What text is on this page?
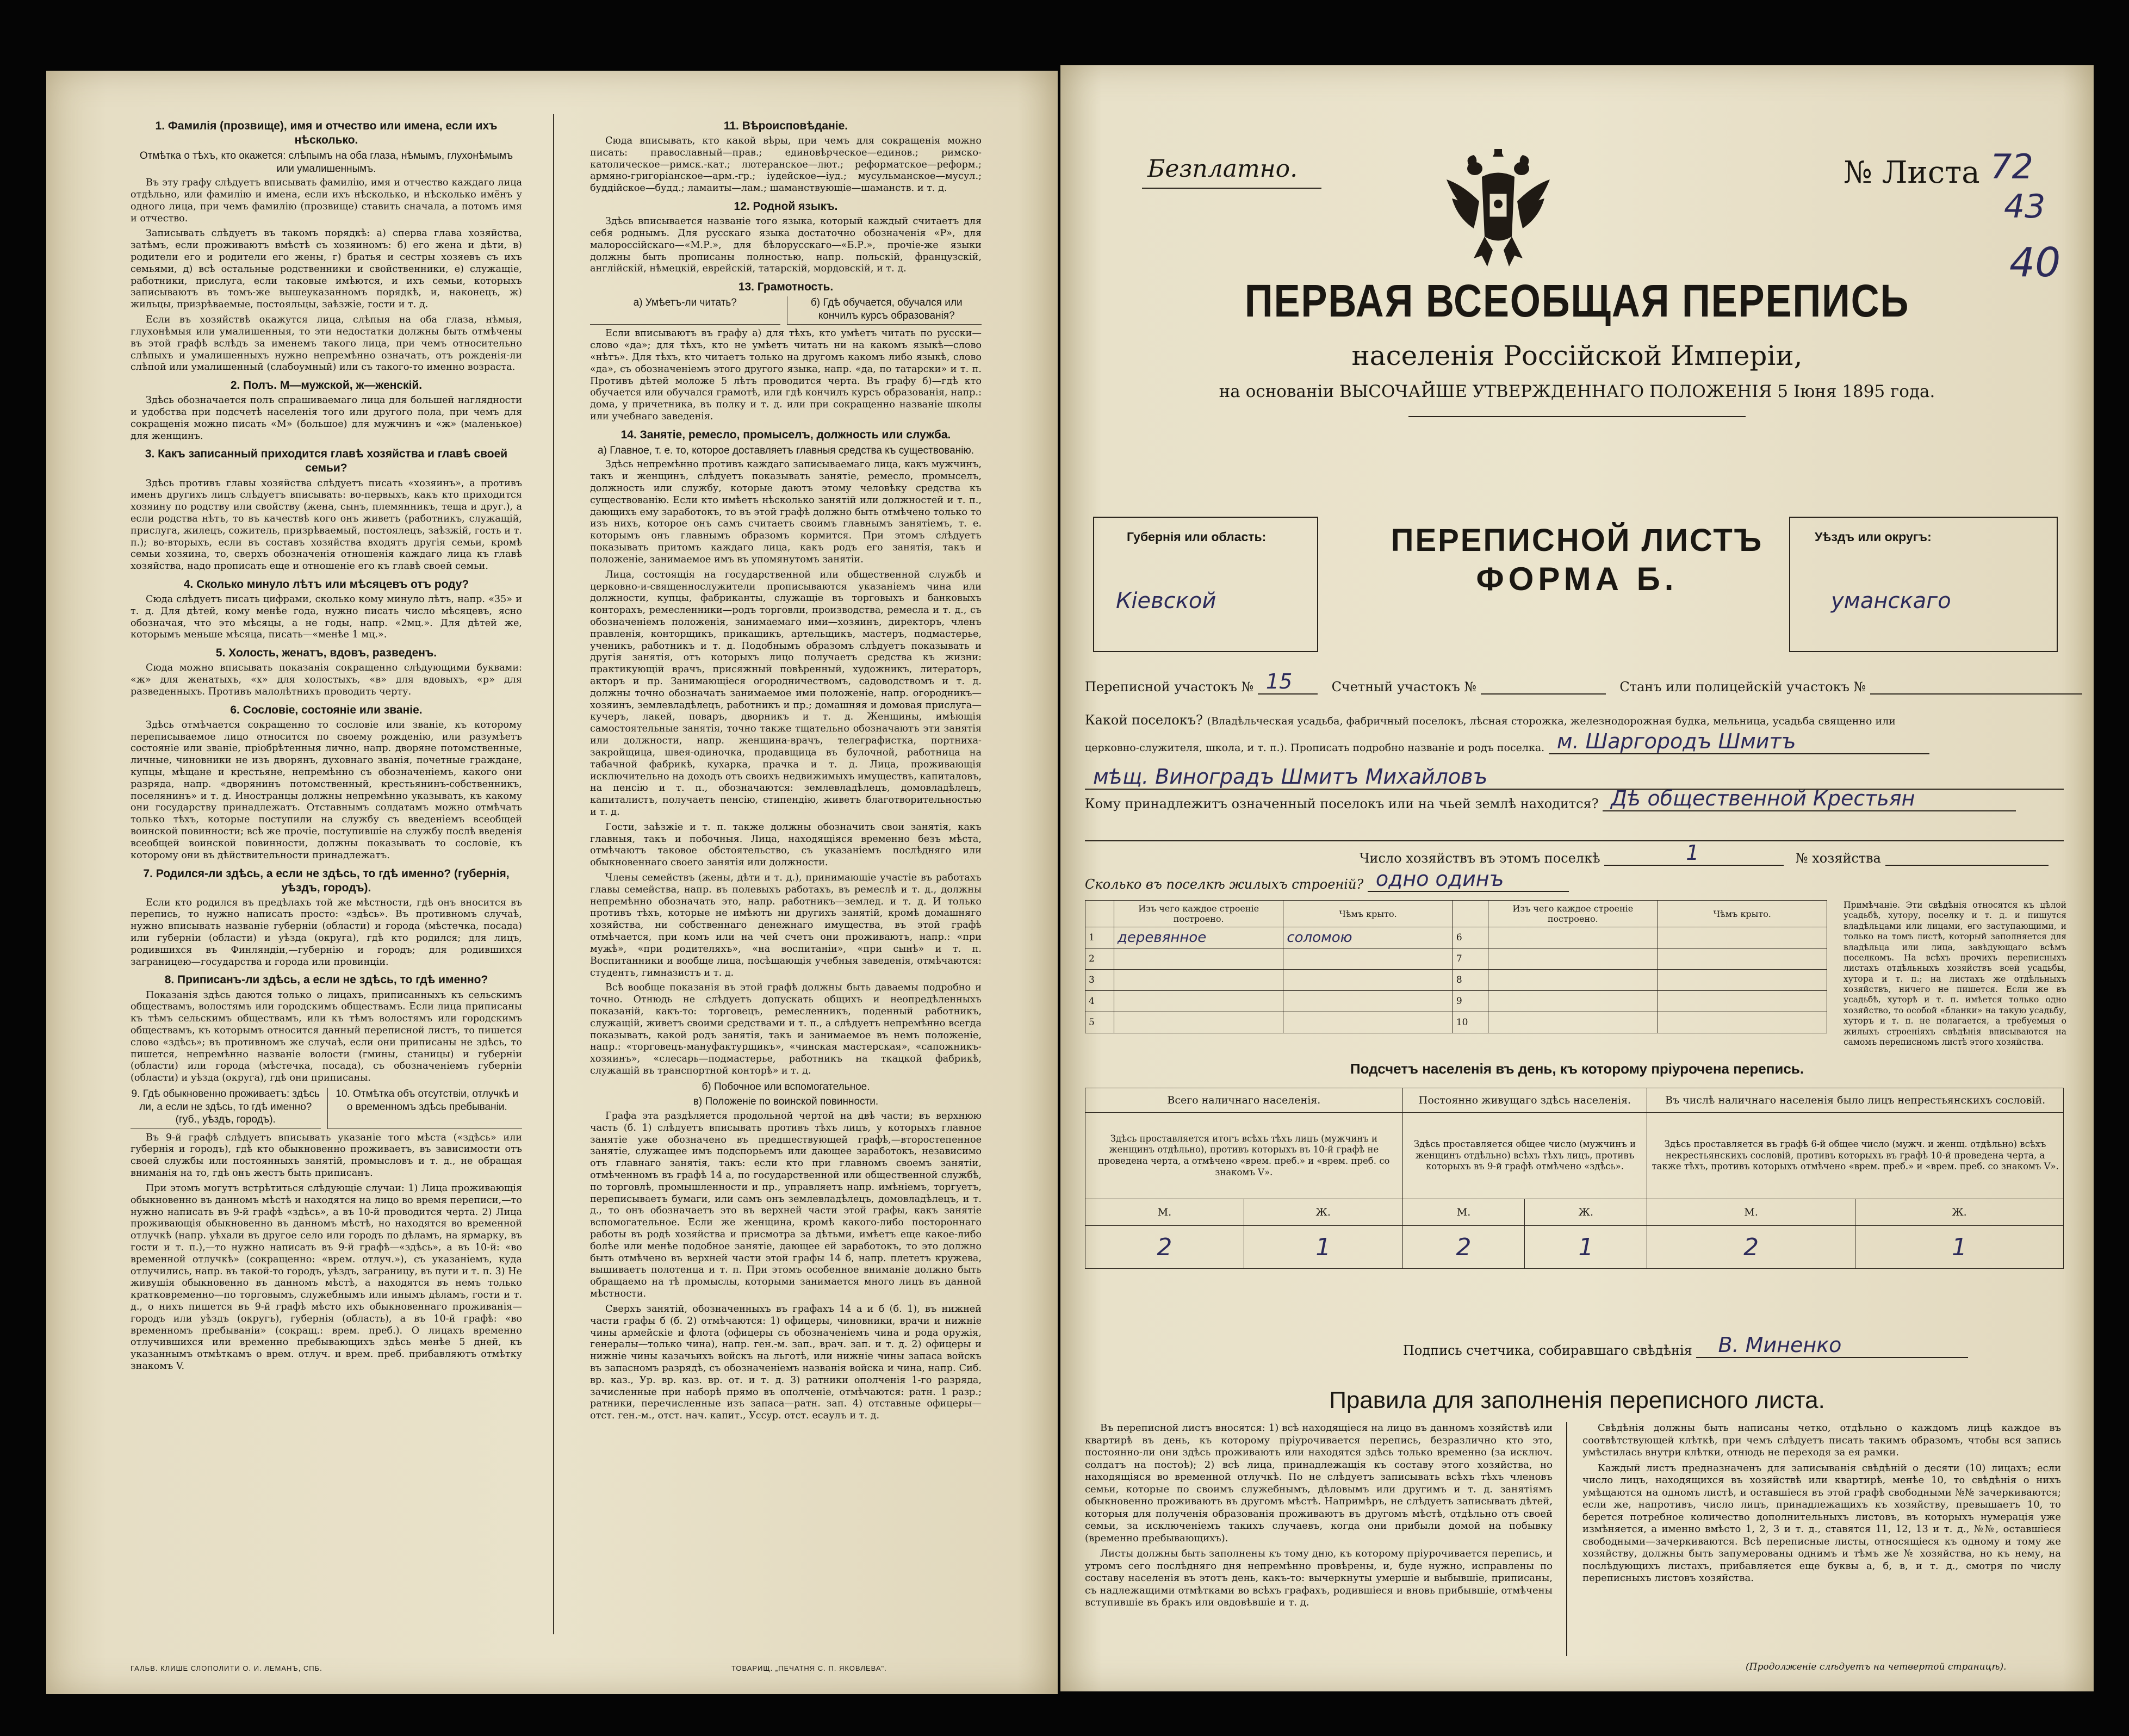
1. Фамилія (прозвище), имя и отчество или имена, если ихъ нѣсколько.
Отмѣтка о тѣхъ, кто окажется: слѣпымъ на оба глаза, нѣмымъ, глухонѣмымъ или умалишеннымъ.
Въ эту графу слѣдуетъ вписывать фамилію, имя и отчество каждаго лица отдѣльно, или фамилію и имена, если ихъ нѣсколько, и нѣсколько имёнъ у одного лица, при чемъ фамилію (прозвище) ставить сначала, а потомъ имя и отчество.
Записывать слѣдуетъ въ такомъ порядкѣ: а) сперва глава хозяйства, затѣмъ, если проживаютъ вмѣстѣ съ хозяиномъ: б) его жена и дѣти, в) родители его и родители его жены, г) братья и сестры хозяевъ съ ихъ семьями, д) всѣ остальные родственники и свойственники, е) служащіе, работники, прислуга, если таковые имѣются, и ихъ семьи, которыхъ записываютъ въ томъ-же вышеуказанномъ порядкѣ, и, наконецъ, ж) жильцы, призрѣваемые, постояльцы, заѣзжіе, гости и т. д.
Если въ хозяйствѣ окажутся лица, слѣпыя на оба глаза, нѣмыя, глухонѣмыя или умалишенныя, то эти недостатки должны быть отмѣчены въ этой графѣ вслѣдъ за именемъ такого лица, при чемъ относительно слѣпыхъ и умалишенныхъ нужно непремѣнно означать, отъ рожденія-ли слѣпой или умалишенный (слабоумный) или съ такого-то именно возраста.
2. Полъ. М—мужской, ж—женскій.
Здѣсь обозначается полъ спрашиваемаго лица для большей наглядности и удобства при подсчетѣ населенія того или другого пола, при чемъ для сокращенія можно писать «М» (большое) для мужчинъ и «ж» (маленькое) для женщинъ.
3. Какъ записанный приходится главѣ хозяйства и главѣ своей семьи?
Здѣсь противъ главы хозяйства слѣдуетъ писать «хозяинъ», а противъ именъ другихъ лицъ слѣдуетъ вписывать: во-первыхъ, какъ кто приходится хозяину по родству или свойству (жена, сынъ, племянникъ, теща и друг.), а если родства нѣтъ, то въ качествѣ кого онъ живетъ (работникъ, служащій, прислуга, жилецъ, сожитель, призрѣваемый, постоялецъ, заѣзжій, гость и т. п.); во-вторыхъ, если въ составъ хозяйства входятъ другія семьи, кромѣ семьи хозяина, то, сверхъ обозначенія отношенія каждаго лица къ главѣ хозяйства, надо прописать еще и отношеніе его къ главѣ своей семьи.
4. Сколько минуло лѣтъ или мѣсяцевъ отъ роду?
Сюда слѣдуетъ писать цифрами, сколько кому минуло лѣтъ, напр. «35» и т. д. Для дѣтей, кому менѣе года, нужно писать число мѣсяцевъ, ясно обозначая, что это мѣсяцы, а не годы, напр. «2мц.». Для дѣтей же, которымъ меньше мѣсяца, писать—«менѣе 1 мц.».
5. Холость, женатъ, вдовъ, разведенъ.
Сюда можно вписывать показанія сокращенно слѣдующими буквами: «ж» для женатыхъ, «х» для холостыхъ, «в» для вдовыхъ, «р» для разведенныхъ. Противъ малолѣтнихъ проводить черту.
6. Сословіе, состояніе или званіе.
Здѣсь отмѣчается сокращенно то сословіе или званіе, къ которому переписываемое лицо относится по своему рожденію, или разумѣетъ состояніе или званіе, пріобрѣтенныя лично, напр. дворяне потомственные, личные, чиновники не изъ дворянъ, духовнаго званія, почетные граждане, купцы, мѣщане и крестьяне, непремѣнно съ обозначеніемъ, какого они разряда, напр. «дворянинъ потомственный, крестьянинъ-собственникъ, поселянинъ» и т. д. Иностранцы должны непремѣнно указывать, къ какому они государству принадлежатъ. Отставнымъ солдатамъ можно отмѣчать только тѣхъ, которые поступили на службу съ введеніемъ всеобщей воинской повинности; всѣ же прочіе, поступившіе на службу послѣ введенія всеобщей воинской повинности, должны показывать то сословіе, къ которому они въ дѣйствительности принадлежатъ.
7. Родился-ли здѣсь, а если не здѣсь, то гдѣ именно? (губернія, уѣздъ, городъ).
Если кто родился въ предѣлахъ той же мѣстности, гдѣ онъ вносится въ перепись, то нужно написать просто: «здѣсь». Въ противномъ случаѣ, нужно вписывать названіе губерніи (области) и города (мѣстечка, посада) или губерніи (области) и уѣзда (округа), гдѣ кто родился; для лицъ, родившихся въ Финляндіи,—губернію и городъ; для родившихся заграницею—государства и города или провинціи.
8. Приписанъ-ли здѣсь, а если не здѣсь, то гдѣ именно?
Показанія здѣсь даются только о лицахъ, приписанныхъ къ сельскимъ обществамъ, волостямъ или городскимъ обществамъ. Если лица приписаны къ тѣмъ сельскимъ обществамъ, или къ тѣмъ волостямъ или городскимъ обществамъ, къ которымъ относится данный переписной листъ, то пишется слово «здѣсь»; въ противномъ же случаѣ, если они приписаны не здѣсь, то пишется, непремѣнно названіе волости (гмины, станицы) и губерніи (области) или города (мѣстечка, посада), съ обозначеніемъ губерніи (области) и уѣзда (округа), гдѣ они приписаны.
9. Гдѣ обыкновенно проживаетъ: здѣсь ли, а если не здѣсь, то гдѣ именно? (губ., уѣздъ, городъ).
10. Отмѣтка объ отсутствіи, отлучкѣ и о временномъ здѣсь пребываніи.
Въ 9-й графѣ слѣдуетъ вписывать указаніе того мѣста («здѣсь» или губернія и городъ), гдѣ кто обыкновенно проживаетъ, въ зависимости отъ своей службы или постоянныхъ занятій, промысловъ и т. д., не обращая вниманія на то, гдѣ онъ жестъ быть приписанъ.
При этомъ могутъ встрѣтиться слѣдующіе случаи: 1) Лица проживающія обыкновенно въ данномъ мѣстѣ и находятся на лицо во время переписи,—то нужно написать въ 9-й графѣ «здѣсь», а въ 10-й проводится черта. 2) Лица проживающія обыкновенно въ данномъ мѣстѣ, но находятся во временной отлучкѣ (напр. уѣхали въ другое село или городъ по дѣламъ, на ярмарку, въ гости и т. п.),—то нужно написать въ 9-й графѣ—«здѣсь», а въ 10-й: «во временной отлучкѣ» (сокращенно: «врем. отлуч.»), съ указаніемъ, куда отлучились, напр. въ такой-то городъ, уѣздъ, заграницу, въ пути и т. п. 3) Не живущія обыкновенно въ данномъ мѣстѣ, а находятся въ немъ только кратковременно—по торговымъ, служебнымъ или инымъ дѣламъ, гости и т. д., о нихъ пишется въ 9-й графѣ мѣсто ихъ обыкновеннаго проживанія—городъ или уѣздъ (округъ), губернія (область), а въ 10-й графѣ: «во временномъ пребываніи» (сокращ.: врем. преб.). О лицахъ временно отлучившихся или временно пребывающихъ здѣсь менѣе 5 дней, къ указаннымъ отмѣткамъ о врем. отлуч. и врем. преб. прибавляютъ отмѣтку знакомъ V.
11. Вѣроисповѣданіе.
Сюда вписывать, кто какой вѣры, при чемъ для сокращенія можно писать: православный—прав.; единовѣрческое—единов.; римско-католическое—римск.-кат.; лютеранское—лют.; реформатское—реформ.; армяно-григоріанское—арм.-гр.; іудейское—іуд.; мусульманское—мусул.; буддійское—будд.; ламаиты—лам.; шаманствующіе—шаманств. и т. д.
12. Родной языкъ.
Здѣсь вписывается названіе того языка, который каждый считаетъ для себя роднымъ. Для русскаго языка достаточно обозначенія «Р», для малороссійскаго—«М.Р.», для бѣлорусскаго—«Б.Р.», прочіе-же языки должны быть прописаны полностью, напр. польскій, французскій, англійскій, нѣмецкій, еврейскій, татарскій, мордовскій, и т. д.
13. Грамотность.
а) Умѣетъ-ли читать?	б) Гдѣ обучается, обучался или кончилъ курсъ образованія?
Если вписываютъ въ графу а) для тѣхъ, кто умѣетъ читать по русски—слово «да»; для тѣхъ, кто не умѣетъ читать ни на какомъ языкѣ—слово «нѣтъ». Для тѣхъ, кто читаетъ только на другомъ какомъ либо языкѣ, слово «да», съ обозначеніемъ этого другого языка, напр. «да, по татарски» и т. п. Противъ дѣтей моложе 5 лѣтъ проводится черта. Въ графу б)—гдѣ кто обучается или обучался грамотѣ, или гдѣ кончилъ курсъ образованія, напр.: дома, у причетника, въ полку и т. д. или при сокращенно названіе школы или учебнаго заведенія.
14. Занятіе, ремесло, промыселъ, должность или служба.
а) Главное, т. е. то, которое доставляетъ главныя средства къ существованію.
Здѣсь непремѣнно противъ каждаго записываемаго лица, какъ мужчинъ, такъ и женщинъ, слѣдуетъ показывать занятіе, ремесло, промыселъ, должность или службу, которые даютъ этому человѣку средства къ существованію. Если кто имѣетъ нѣсколько занятій или должностей и т. п., дающихъ ему заработокъ, то въ этой графѣ должно быть отмѣчено только то изъ нихъ, которое онъ самъ считаетъ своимъ главнымъ занятіемъ, т. е. которымъ онъ главнымъ образомъ кормится. При этомъ слѣдуетъ показывать притомъ каждаго лица, какъ родъ его занятія, такъ и положеніе, занимаемое имъ въ упомянутомъ занятіи.
Лица, состоящія на государственной или общественной службѣ и церковно-и-священнослужители прописываются указаніемъ чина или должности, купцы, фабриканты, служащіе въ торговыхъ и банковыхъ конторахъ, ремесленники—родъ торговли, производства, ремесла и т. д., съ обозначеніемъ положенія, занимаемаго ими—хозяинъ, директоръ, членъ правленія, конторщикъ, прикащикъ, артельщикъ, мастеръ, подмастерье, ученикъ, работникъ и т. д. Подобнымъ образомъ слѣдуетъ показывать и другія занятія, отъ которыхъ лицо получаетъ средства къ жизни: практикующій врачъ, присяжный повѣренный, художникъ, литераторъ, акторъ и пр. Занимающіеся огородничествомъ, садоводствомъ и т. д. должны точно обозначать занимаемое ими положеніе, напр. огородникъ—хозяинъ, землевладѣлецъ, работникъ и пр.; домашняя и домовая прислуга—кучеръ, лакей, поваръ, дворникъ и т. д. Женщины, имѣющія самостоятельные занятія, точно также тщательно обозначаютъ эти занятія или должности, напр. женщина-врачъ, телеграфистка, портниха-закройщица, швея-одиночка, продавщица въ булочной, работница на табачной фабрикѣ, кухарка, прачка и т. д. Лица, проживающія исключительно на доходъ отъ своихъ недвижимыхъ имуществъ, капиталовъ, на пенсію и т. п., обозначаются: землевладѣлецъ, домовладѣлецъ, капиталистъ, получаетъ пенсію, стипендію, живетъ благотворительностью и т. д.
Гости, заѣзжіе и т. п. также должны обозначить свои занятія, какъ главныя, такъ и побочныя. Лица, находящіяся временно безъ мѣста, отмѣчаютъ таковое обстоятельство, съ указаніемъ послѣдняго или обыкновеннаго своего занятія или должности.
Члены семействъ (жены, дѣти и т. д.), принимающіе участіе въ работахъ главы семейства, напр. въ полевыхъ работахъ, въ ремеслѣ и т. д., должны непремѣнно обозначать это, напр. работникъ—землед. и т. д. И только противъ тѣхъ, которые не имѣютъ ни другихъ занятій, кромѣ домашняго хозяйства, ни собственнаго денежнаго имущества, въ этой графѣ отмѣчается, при комъ или на чей счетъ они проживаютъ, напр.: «при мужѣ», «при родителяхъ», «на воспитаніи», «при сынѣ» и т. п. Воспитанники и вообще лица, посѣщающія учебныя заведенія, отмѣчаются: студентъ, гимназистъ и т. д.
Всѣ вообще показанія въ этой графѣ должны быть даваемы подробно и точно. Отнюдь не слѣдуетъ допускать общихъ и неопредѣленныхъ показаній, какъ-то: торговецъ, ремесленникъ, поденный работникъ, служащій, живетъ своими средствами и т. п., а слѣдуетъ непремѣнно всегда показывать, какой родъ занятія, такъ и занимаемое въ немъ положеніе, напр.: «торговецъ-мануфактурщикъ», «чинская мастерская», «сапожникъ-хозяинъ», «слесарь—подмастерье, работникъ на ткацкой фабрикѣ, служащій въ транспортной конторѣ» и т. д.
б) Побочное или вспомогательное.
в) Положеніе по воинской повинности.
Графа эта раздѣляется продольной чертой на двѣ части; въ верхнюю часть (б. 1) слѣдуетъ вписывать противъ тѣхъ лицъ, у которыхъ главное занятіе уже обозначено въ предшествующей графѣ,—второстепенное занятіе, служащее имъ подспорьемъ или дающее заработокъ, независимо отъ главнаго занятія, такъ: если кто при главномъ своемъ занятіи, отмѣченномъ въ графѣ 14 а, по государственной или общественной службѣ, по торговлѣ, промышленности и пр., управляетъ напр. имѣніемъ, торгуетъ, переписываетъ бумаги, или самъ онъ землевладѣлецъ, домовладѣлецъ, и т. д., то онъ обозначаетъ это въ верхней части этой графы, какъ занятіе вспомогательное. Если же женщина, кромѣ какого-либо постороннаго работы въ родѣ хозяйства и присмотра за дѣтьми, имѣетъ еще какое-либо болѣе или менѣе подобное занятіе, дающее ей заработокъ, то это должно быть отмѣчено въ верхней части этой графы 14 б, напр. плететъ кружева, вышиваетъ полотенца и т. п. При этомъ особенное вниманіе должно быть обращаемо на тѣ промыслы, которыми занимается много лицъ въ данной мѣстности.
Сверхъ занятій, обозначенныхъ въ графахъ 14 а и б (б. 1), въ нижней части графы б (б. 2) отмѣчаются: 1) офицеры, чиновники, врачи и нижніе чины армейскіе и флота (офицеры съ обозначеніемъ чина и рода оружія, генералы—только чина), напр. ген.-м. зап., врач. зап. и т. д. 2) офицеры и нижніе чины казачьихъ войскъ на льготѣ, или нижніе чины запаса войскъ въ запасномъ разрядѣ, съ обозначеніемъ названія войска и чина, напр. Сиб. вр. каз., Ур. вр. каз. вр. от. и т. д. 3) ратники ополченія 1-го разряда, зачисленные при наборѣ прямо въ ополченіе, отмѣчаются: ратн. 1 разр.; ратники, перечисленные изъ запаса—ратн. зап. 4) отставные офицеры—отст. ген.-м., отст. нач. капит., Уссур. отст. есаулъ и т. д.
ГАЛЬВ. КЛИШЕ СЛОПОЛИТИ О. И. ЛЕМАНЪ, СПБ.	ТОВАРИЩ. „ПЕЧАТНЯ С. П. ЯКОВЛЕВА".
Безплатно.	№ Листа 72
43
40
ПЕРВАЯ ВСЕОБЩАЯ ПЕРЕПИСЬ
населенія Россійской Имперіи,
на основаніи ВЫСОЧАЙШЕ УТВЕРЖДЕННАГО ПОЛОЖЕНІЯ 5 Іюня 1895 года.
Губернія или область:
Кіевской
ПЕРЕПИСНОЙ ЛИСТЪ
ФОРМА Б.
Уѣздъ или округъ:
уманскаго
Переписной участокъ № 15	Счетный участокъ №	Станъ или полицейскій участокъ №
Какой поселокъ? (Владѣльческая усадьба, фабричный поселокъ, лѣсная сторожка, железнодорожная будка, мельница, усадьба священно или
церковно-служителя, школа, и т. п.). Прописать подробно названіе и родъ поселка. м. Шаргородъ Шмитъ
мѣщ. Виноградъ Шмитъ Михайловъ
Кому принадлежитъ означенный поселокъ или на чьей землѣ находится? Дѣ общественной Крестьян
Число хозяйствъ въ этомъ поселкѣ	1	№ хозяйства
Сколько въ поселкѣ жилыхъ строеній? одно одинъ
	Изъ чего каждое строеніе построено.	Чѣмъ крыто.		Изъ чего каждое строеніе построено.	Чѣмъ крыто.
1	деревянное	соломою	6		
2			7		
3			8		
4			9		
5			10		
Примѣчаніе. Эти свѣдѣнія относятся къ цѣлой усадьбѣ, хутору, поселку и т. д. и пишутся владѣльцами или лицами, его заступающими, и только на томъ листѣ, который заполняется для владѣльца или лица, завѣдующаго всѣмъ поселкомъ. На всѣхъ прочихъ переписныхъ листахъ отдѣльныхъ хозяйствъ всей усадьбы, хутора и т. п.; на листахъ же отдѣльныхъ хозяйствъ, ничего не пишется. Если же въ усадьбѣ, хуторѣ и т. п. имѣется только одно хозяйство, то особой «бланки» на такую усадьбу, хуторъ и т. п. не полагается, а требуемыя о жилыхъ строеніяхъ свѣдѣнія вписываются на самомъ переписномъ листѣ этого хозяйства.
Подсчетъ населенія въ день, къ которому пріурочена перепись.
Всего наличнаго населенія.		Постоянно живущаго здѣсь населенія.		Въ числѣ наличнаго населенія было лицъ непрестьянскихъ сословій.	
Здѣсь проставляется итогъ всѣхъ тѣхъ лицъ (мужчинъ и женщинъ отдѣльно), противъ которыхъ въ 10-й графѣ не проведена черта, а отмѣчено «врем. преб.» и «врем. преб. со знакомъ V».		Здѣсь проставляется общее число (мужчинъ и женщинъ отдѣльно) всѣхъ тѣхъ лицъ, противъ которыхъ въ 9-й графѣ отмѣчено «здѣсь».		Здѣсь проставляется въ графѣ 6-й общее число (мужч. и женщ. отдѣльно) всѣхъ некрестьянскихъ сословій, противъ которыхъ въ графѣ 10-й проведена черта, а также тѣхъ, противъ которыхъ отмѣчено «врем. преб.» и «врем. преб. со знакомъ V».	
М.	Ж.	М.	Ж.	М.	Ж.
2	1	2	1	2	1
Подпись счетчика, собиравшаго свѣдѣнія В. Миненко
Правила для заполненія переписного листа.

Въ переписной листъ вносятся: 1) всѣ находящіеся на лицо въ данномъ хозяйствѣ или квартирѣ въ день, къ которому пріурочивается перепись, безразлично кто это, постоянно-ли они здѣсь проживаютъ или находятся здѣсь только временно (за исключ. солдатъ на постоѣ); 2) всѣ лица, принадлежащія къ составу этого хозяйства, но находящіяся во временной отлучкѣ. По не слѣдуетъ записывать всѣхъ тѣхъ членовъ семьи, которые по своимъ служебнымъ, дѣловымъ или другимъ и т. д. занятіямъ обыкновенно проживаютъ въ другомъ мѣстѣ. Напримѣръ, не слѣдуетъ записывать дѣтей, которыя для полученія образованія проживаютъ въ другомъ мѣстѣ, отдѣльно отъ своей семьи, за исключеніемъ такихъ случаевъ, когда они прибыли домой на побывку (временно пребывающихъ).

Листы должны быть заполнены къ тому дню, къ которому пріурочивается перепись, и утромъ сего послѣдняго дня непремѣнно провѣрены, и, буде нужно, исправлены по составу населенія въ этотъ день, какъ-то: вычеркнуты умершіе и выбывшіе, приписаны, съ надлежащими отмѣтками во всѣхъ графахъ, родившіеся и вновь прибывшіе, отмѣчены вступившіе въ бракъ или овдовѣвшіе и т. д.

Свѣдѣнія должны быть написаны четко, отдѣльно о каждомъ лицѣ каждое въ соотвѣтствующей клѣткѣ, при чемъ слѣдуетъ писать такимъ образомъ, чтобы вся запись умѣстилась внутри клѣтки, отнюдь не переходя за ея рамки.

Каждый листъ предназначенъ для записыванія свѣдѣній о десяти (10) лицахъ; если число лицъ, находящихся въ хозяйствѣ или квартирѣ, менѣе 10, то свѣдѣнія о нихъ умѣщаются на одномъ листѣ, и оставшіеся въ этой графѣ свободными №№ зачеркиваются; если же, напротивъ, число лицъ, принадлежащихъ къ хозяйству, превышаетъ 10, то берется потребное количество дополнительныхъ листовъ, въ которыхъ нумерація уже измѣняется, а именно вмѣсто 1, 2, 3 и т. д., ставятся 11, 12, 13 и т. д., №№, оставшіеся свободными—зачеркиваются. Всѣ переписные листы, относящіеся къ одному и тому же хозяйству, должны быть запумерованы однимъ и тѣмъ же № хозяйства, но къ нему, на послѣдующихъ листахъ, прибавляется еще буквы а, б, в, и т. д., смотря по числу переписныхъ листовъ хозяйства.

(Продолженіе слѣдуетъ на четвертой страницѣ).
